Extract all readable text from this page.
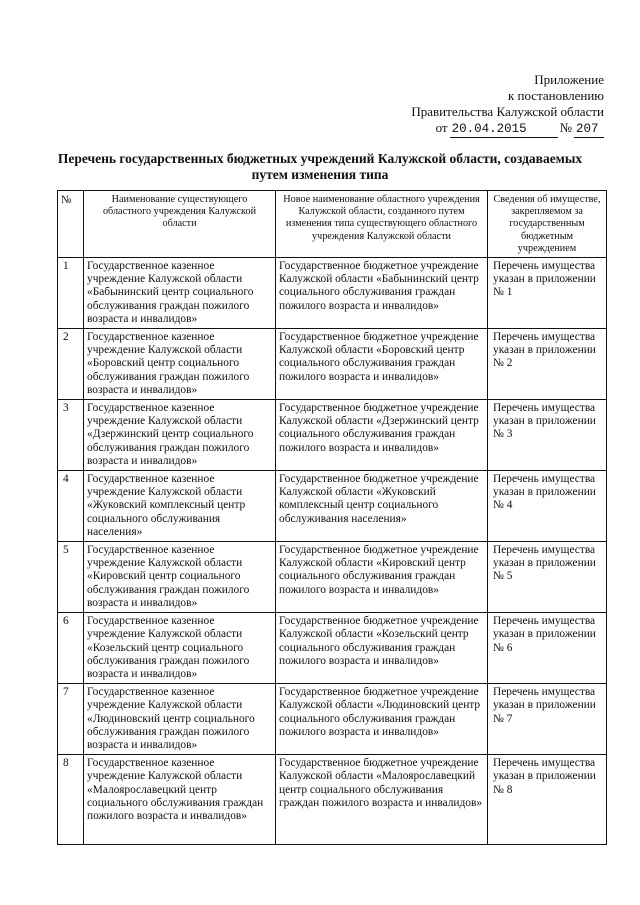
Приложение
к постановлению
Правительства Калужской области
от 20.04.2015	№ 207
Перечень государственных бюджетных учреждений Калужской области, создаваемых путем изменения типа
№	Наименование существующего областного учреждения Калужской области	Новое наименование областного учреждения Калужской области, созданного путем изменения типа существующего областного учреждения Калужской области	Сведения об имуществе, закрепляемом за государственным бюджетным учреждением
1	Государственное казенное учреждение Калужской области «Бабынинский центр социального обслуживания граждан пожилого возраста и инвалидов»	Государственное бюджетное учреждение Калужской области «Бабынинский центр социального обслуживания граждан пожилого возраста и инвалидов»	Перечень имущества указан в приложении № 1
2	Государственное казенное учреждение Калужской области «Боровский центр социального обслуживания граждан пожилого возраста и инвалидов»	Государственное бюджетное учреждение Калужской области «Боровский центр социального обслуживания граждан пожилого возраста и инвалидов»	Перечень имущества указан в приложении № 2
3	Государственное казенное учреждение Калужской области «Дзержинский центр социального обслуживания граждан пожилого возраста и инвалидов»	Государственное бюджетное учреждение Калужской области «Дзержинский центр социального обслуживания граждан пожилого возраста и инвалидов»	Перечень имущества указан в приложении № 3
4	Государственное казенное учреждение Калужской области «Жуковский комплексный центр социального обслуживания населения»	Государственное бюджетное учреждение Калужской области «Жуковский комплексный центр социального обслуживания населения»	Перечень имущества указан в приложении № 4
5	Государственное казенное учреждение Калужской области «Кировский центр социального обслуживания граждан пожилого возраста и инвалидов»	Государственное бюджетное учреждение Калужской области «Кировский центр социального обслуживания граждан пожилого возраста и инвалидов»	Перечень имущества указан в приложении № 5
6	Государственное казенное учреждение Калужской области «Козельский центр социального обслуживания граждан пожилого возраста и инвалидов»	Государственное бюджетное учреждение Калужской области «Козельский центр социального обслуживания граждан пожилого возраста и инвалидов»	Перечень имущества указан в приложении № 6
7	Государственное казенное учреждение Калужской области «Людиновский центр социального обслуживания граждан пожилого возраста и инвалидов»	Государственное бюджетное учреждение Калужской области «Людиновский центр социального обслуживания граждан пожилого возраста и инвалидов»	Перечень имущества указан в приложении № 7
8	Государственное казенное учреждение Калужской области «Малоярославецкий центр социального обслуживания граждан пожилого возраста и инвалидов»	Государственное бюджетное учреждение Калужской области «Малоярославецкий центр социального обслуживания граждан пожилого возраста и инвалидов»	Перечень имущества указан в приложении № 8
